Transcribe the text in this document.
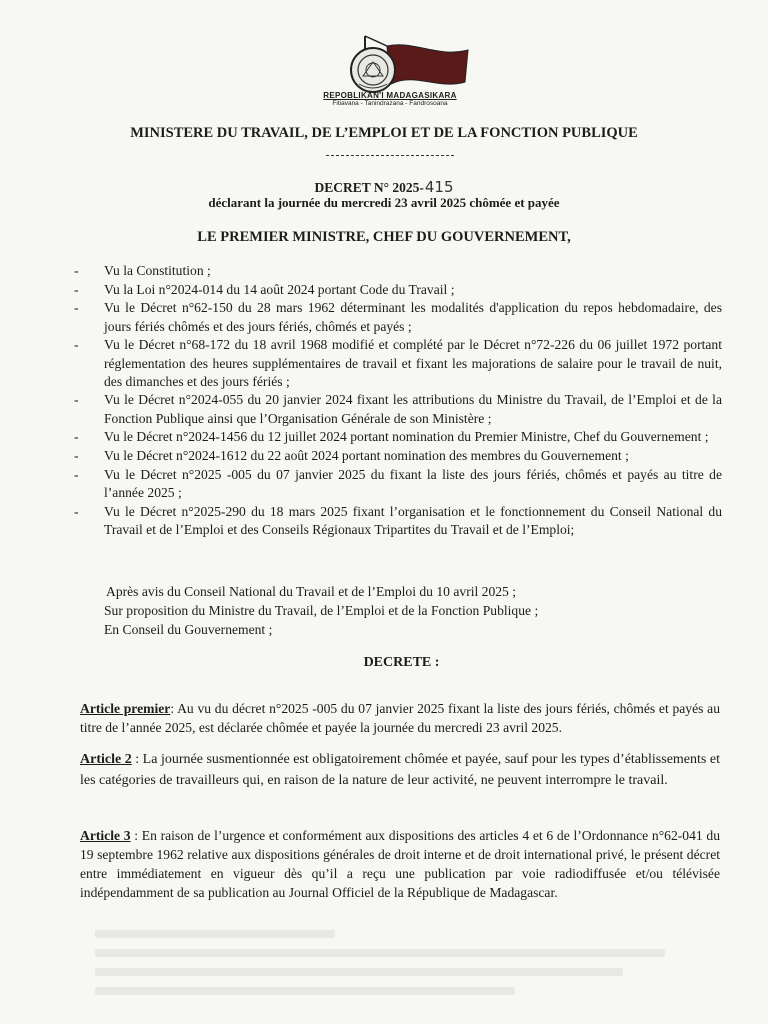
REPOBLIKAN'I MADAGASIKARA
Fitiavana - Tanindrazana - Fandrosoana
MINISTERE DU TRAVAIL, DE L’EMPLOI ET DE LA FONCTION PUBLIQUE
DECRET N° 2025-415
déclarant la journée du mercredi 23 avril 2025 chômée et payée
LE PREMIER MINISTRE, CHEF DU GOUVERNEMENT,
- Vu la Constitution ;
- Vu la Loi n°2024-014 du 14 août 2024 portant Code du Travail ;
- Vu le Décret n°62-150 du 28 mars 1962 déterminant les modalités d'application du repos hebdomadaire, des jours fériés chômés et des jours fériés, chômés et payés ;
- Vu le Décret n°68-172 du 18 avril 1968 modifié et complété par le Décret n°72-226 du 06 juillet 1972 portant réglementation des heures supplémentaires de travail et fixant les majorations de salaire pour le travail de nuit, des dimanches et des jours fériés ;
- Vu le Décret n°2024-055 du 20 janvier 2024 fixant les attributions du Ministre du Travail, de l’Emploi et de la Fonction Publique ainsi que l’Organisation Générale de son Ministère ;
- Vu le Décret n°2024-1456 du 12 juillet 2024 portant nomination du Premier Ministre, Chef du Gouvernement ;
- Vu le Décret n°2024-1612 du 22 août 2024 portant nomination des membres du Gouvernement ;
- Vu le Décret n°2025 -005 du 07 janvier 2025 du fixant la liste des jours fériés, chômés et payés au titre de l’année 2025 ;
- Vu le Décret n°2025-290 du 18 mars 2025 fixant l’organisation et le fonctionnement du Conseil National du Travail et de l’Emploi et des Conseils Régionaux Tripartites du Travail et de l’Emploi;
Après avis du Conseil National du Travail et de l’Emploi du 10 avril 2025 ;
Sur proposition du Ministre du Travail, de l’Emploi et de la Fonction Publique ;
En Conseil du Gouvernement ;
DECRETE :
Article premier: Au vu du décret n°2025 -005 du 07 janvier 2025 fixant la liste des jours fériés, chômés et payés au titre de l’année 2025, est déclarée chômée et payée la journée du mercredi 23 avril 2025.
Article 2 : La journée susmentionnée est obligatoirement chômée et payée, sauf pour les types d’établissements et les catégories de travailleurs qui, en raison de la nature de leur activité, ne peuvent interrompre le travail.
Article 3 : En raison de l’urgence et conformément aux dispositions des articles 4 et 6 de l’Ordonnance n°62-041 du 19 septembre 1962 relative aux dispositions générales de droit interne et de droit international privé, le présent décret entre immédiatement en vigueur dès qu’il a reçu une publication par voie radiodiffusée et/ou télévisée indépendamment de sa publication au Journal Officiel de la République de Madagascar.
